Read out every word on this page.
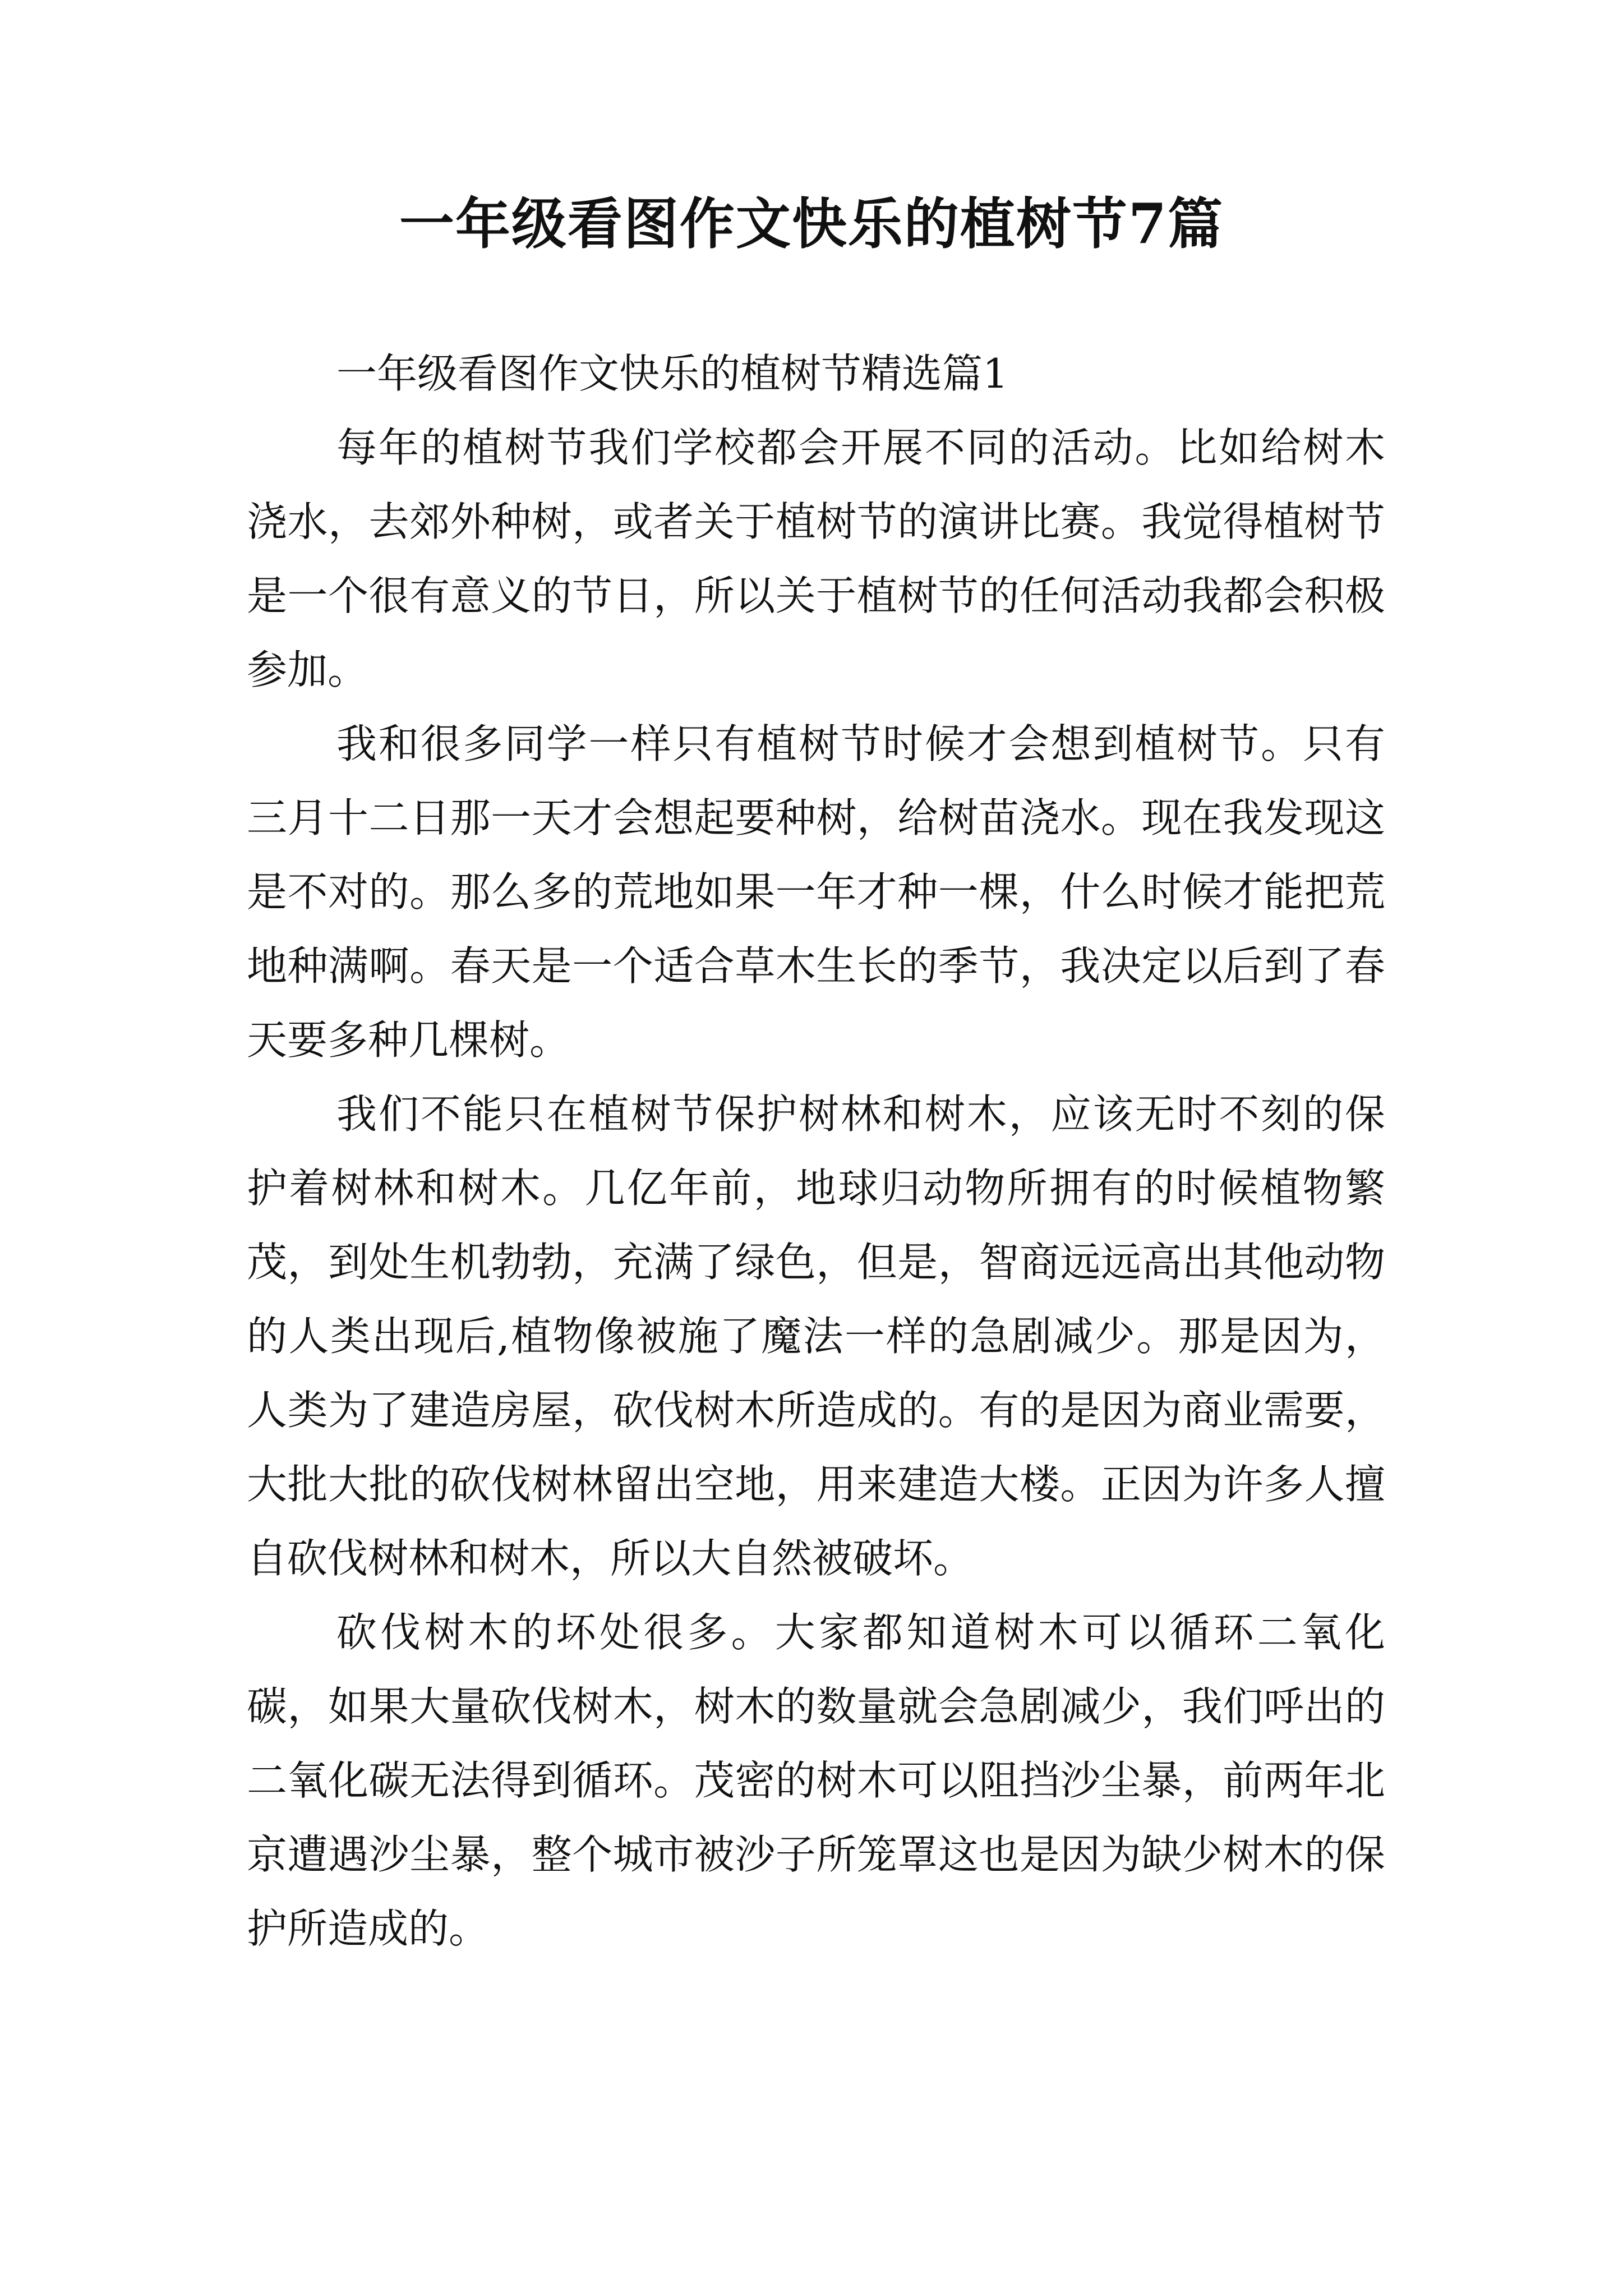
一年级看图作文快乐的植树节7篇

一年级看图作文快乐的植树节精选篇1

每年的植树节我们学校都会开展不同的活动。比如给树木浇水，去郊外种树，或者关于植树节的演讲比赛。我觉得植树节是一个很有意义的节日，所以关于植树节的任何活动我都会积极参加。

我和很多同学一样只有植树节时候才会想到植树节。只有三月十二日那一天才会想起要种树，给树苗浇水。现在我发现这是不对的。那么多的荒地如果一年才种一棵，什么时候才能把荒地种满啊。春天是一个适合草木生长的季节，我决定以后到了春天要多种几棵树。

我们不能只在植树节保护树林和树木，应该无时不刻的保护着树林和树木。几亿年前，地球归动物所拥有的时候植物繁茂，到处生机勃勃，充满了绿色，但是，智商远远高出其他动物的人类出现后,植物像被施了魔法一样的急剧减少。那是因为，人类为了建造房屋，砍伐树木所造成的。有的是因为商业需要，大批大批的砍伐树林留出空地，用来建造大楼。正因为许多人擅自砍伐树林和树木，所以大自然被破坏。

砍伐树木的坏处很多。大家都知道树木可以循环二氧化碳，如果大量砍伐树木，树木的数量就会急剧减少，我们呼出的二氧化碳无法得到循环。茂密的树木可以阻挡沙尘暴，前两年北京遭遇沙尘暴，整个城市被沙子所笼罩这也是因为缺少树木的保护所造成的。
